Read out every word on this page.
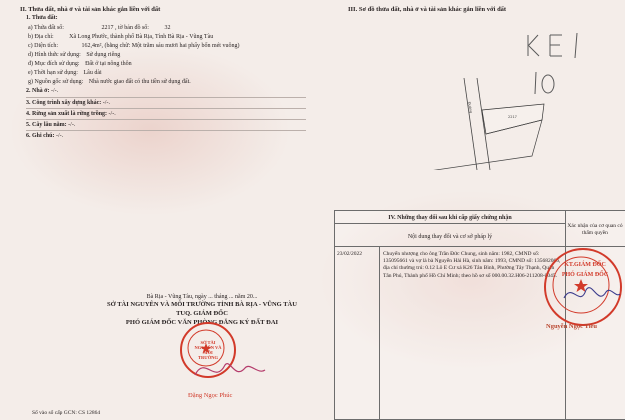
II. Thửa đất, nhà ở và tài sản khác gắn liền với đất
1. Thửa đất:
a) Thửa đất số:	2217 , tờ bản đồ số:	32
b) Địa chỉ:	Xã Long Phước, thành phố Bà Rịa, Tỉnh Bà Rịa - Vũng Tàu
c) Diện tích:	162,4m², (bằng chữ: Một trăm sáu mươi hai phẩy bốn mét vuông)
d) Hình thức sử dụng: Sử dụng riêng
đ) Mục đích sử dụng: Đất ở tại nông thôn
e) Thời hạn sử dụng: Lâu dài
g) Nguồn gốc sử dụng: Nhà nước giao đất có thu tiền sử dụng đất.
2. Nhà ở: -/-.
3. Công trình xây dựng khác: -/-.
4. Rừng sản xuất là rừng trồng: -/-.
5. Cây lâu năm: -/-.
6. Ghi chú: -/-.
Bà Rịa - Vũng Tàu, ngày ... tháng ... năm 20...
SỞ TÀI NGUYÊN VÀ MÔI TRƯỜNG TỈNH BÀ RỊA - VŨNG TÀU
TUQ. GIÁM ĐỐC
PHÓ GIÁM ĐỐC VĂN PHÒNG ĐĂNG KÝ ĐẤT ĐAI
SỞ TÀI NGUYÊN VÀ MÔI TRƯỜNG
Đặng Ngọc Phúc
Số vào sổ cấp GCN: CS 12864
III. Sơ đồ thửa đất, nhà ở và tài sản khác gắn liền với đất
Đường
2217
IV. Những thay đổi sau khi cấp giấy chứng nhận
Nội dung thay đổi và cơ sở pháp lý
Xác nhận của cơ quan có thẩm quyền
23/02/2022	Chuyển nhượng cho ông Trần Đức Chung, sinh năm: 1982, CMND số: 135095661 và vợ là bà Nguyễn Hải Hà, sinh năm: 1993, CMND số: 135682066, địa chỉ thường trú: 0.12 Lô E Cư xá K26 Tân Bình, Phường Tây Thạnh, Quận Tân Phú, Thành phố Hồ Chí Minh; theo hồ sơ số 000.00.32.H06-211208-0045.
KT.GIÁM ĐỐC
PHÓ GIÁM ĐỐC
Nguyễn Ngọc Tiếu
